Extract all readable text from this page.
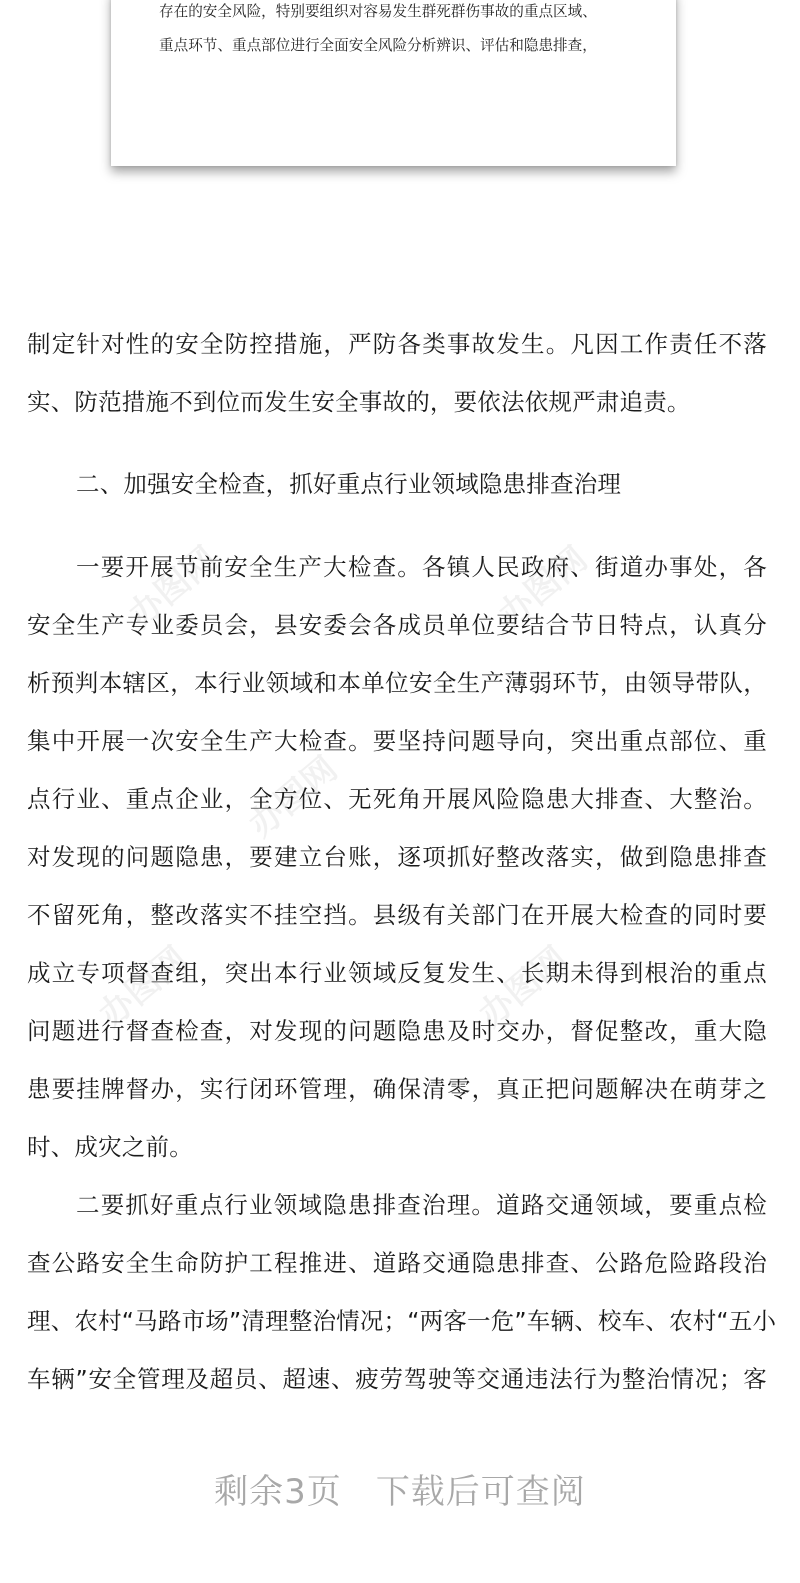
办图网	办图网
办图网
办图网	办图网
存在的安全风险，特别要组织对容易发生群死群伤事故的重点区域、
重点环节、重点部位进行全面安全风险分析辨识、评估和隐患排查，
制定针对性的安全防控措施，严防各类事故发生。凡因工作责任不落
实、防范措施不到位而发生安全事故的，要依法依规严肃追责。
二、加强安全检查，抓好重点行业领域隐患排查治理
一要开展节前安全生产大检查。各镇人民政府、街道办事处，各
安全生产专业委员会，县安委会各成员单位要结合节日特点，认真分
析预判本辖区，本行业领域和本单位安全生产薄弱环节，由领导带队，
集中开展一次安全生产大检查。要坚持问题导向，突出重点部位、重
点行业、重点企业，全方位、无死角开展风险隐患大排查、大整治。
对发现的问题隐患，要建立台账，逐项抓好整改落实，做到隐患排查
不留死角，整改落实不挂空挡。县级有关部门在开展大检查的同时要
成立专项督查组，突出本行业领域反复发生、长期未得到根治的重点
问题进行督查检查，对发现的问题隐患及时交办，督促整改，重大隐
患要挂牌督办，实行闭环管理，确保清零，真正把问题解决在萌芽之
时、成灾之前。
二要抓好重点行业领域隐患排查治理。道路交通领域，要重点检
查公路安全生命防护工程推进、道路交通隐患排查、公路危险路段治
理、农村“马路市场”清理整治情况；“两客一危”车辆、校车、农村“五小
车辆”安全管理及超员、超速、疲劳驾驶等交通违法行为整治情况；客
剩余3页 下载后可查阅
